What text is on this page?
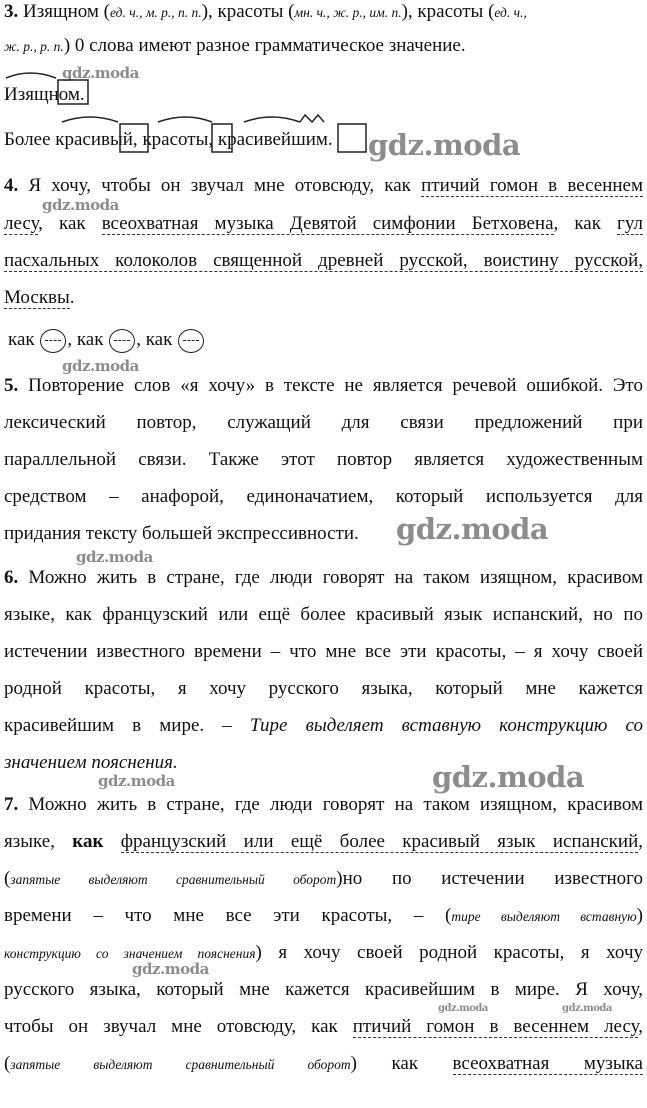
3. Изящном (ед. ч., м. р., п. п.), красоты (мн. ч., ж. р., им. п.), красоты (ед. ч.,
ж. р., р. п.) 0 слова имеют разное грамматическое значение.
gdz.moda
Изящном.
Более красивый, красоты, красивейшим.	gdz.moda
4. Я хочу, чтобы он звучал мне отовсюду, как птичий гомон в весеннем
gdz.moda
лесу, как всеохватная музыка Девятой симфонии Бетховена, как гул
пасхальных колоколов священной древней русской, воистину русской,
Москвы.
как , как , как
gdz.moda
5. Повторение слов «я хочу» в тексте не является речевой ошибкой. Это
лексический повтор, служащий для связи предложений при
параллельной связи. Также этот повтор является художественным
средством – анафорой, единоначатием, который используется для
придания тексту большей экспрессивности.	gdz.moda
gdz.moda
6. Можно жить в стране, где люди говорят на таком изящном, красивом
языке, как французский или ещё более красивый язык испанский, но по
истечении известного времени – что мне все эти красоты, – я хочу своей
родной красоты, я хочу русского языка, который мне кажется
красивейшим в мире. – Тире выделяет вставную конструкцию со
значением пояснения.
gdz.moda	gdz.moda
7. Можно жить в стране, где люди говорят на таком изящном, красивом
языке, как французский или ещё более красивый язык испанский,
(запятые выделяют сравнительный оборот)но по истечении известного
времени – что мне все эти красоты, – (тире выделяют вставную)
конструкцию со значением пояснения) я хочу своей родной красоты, я хочу
gdz.moda
русского языка, который мне кажется красивейшим в мире. Я хочу,
gdz.moda	gdz.moda
чтобы он звучал мне отовсюду, как птичий гомон в весеннем лесу,
(запятые выделяют сравнительный оборот) как всеохватная музыка
